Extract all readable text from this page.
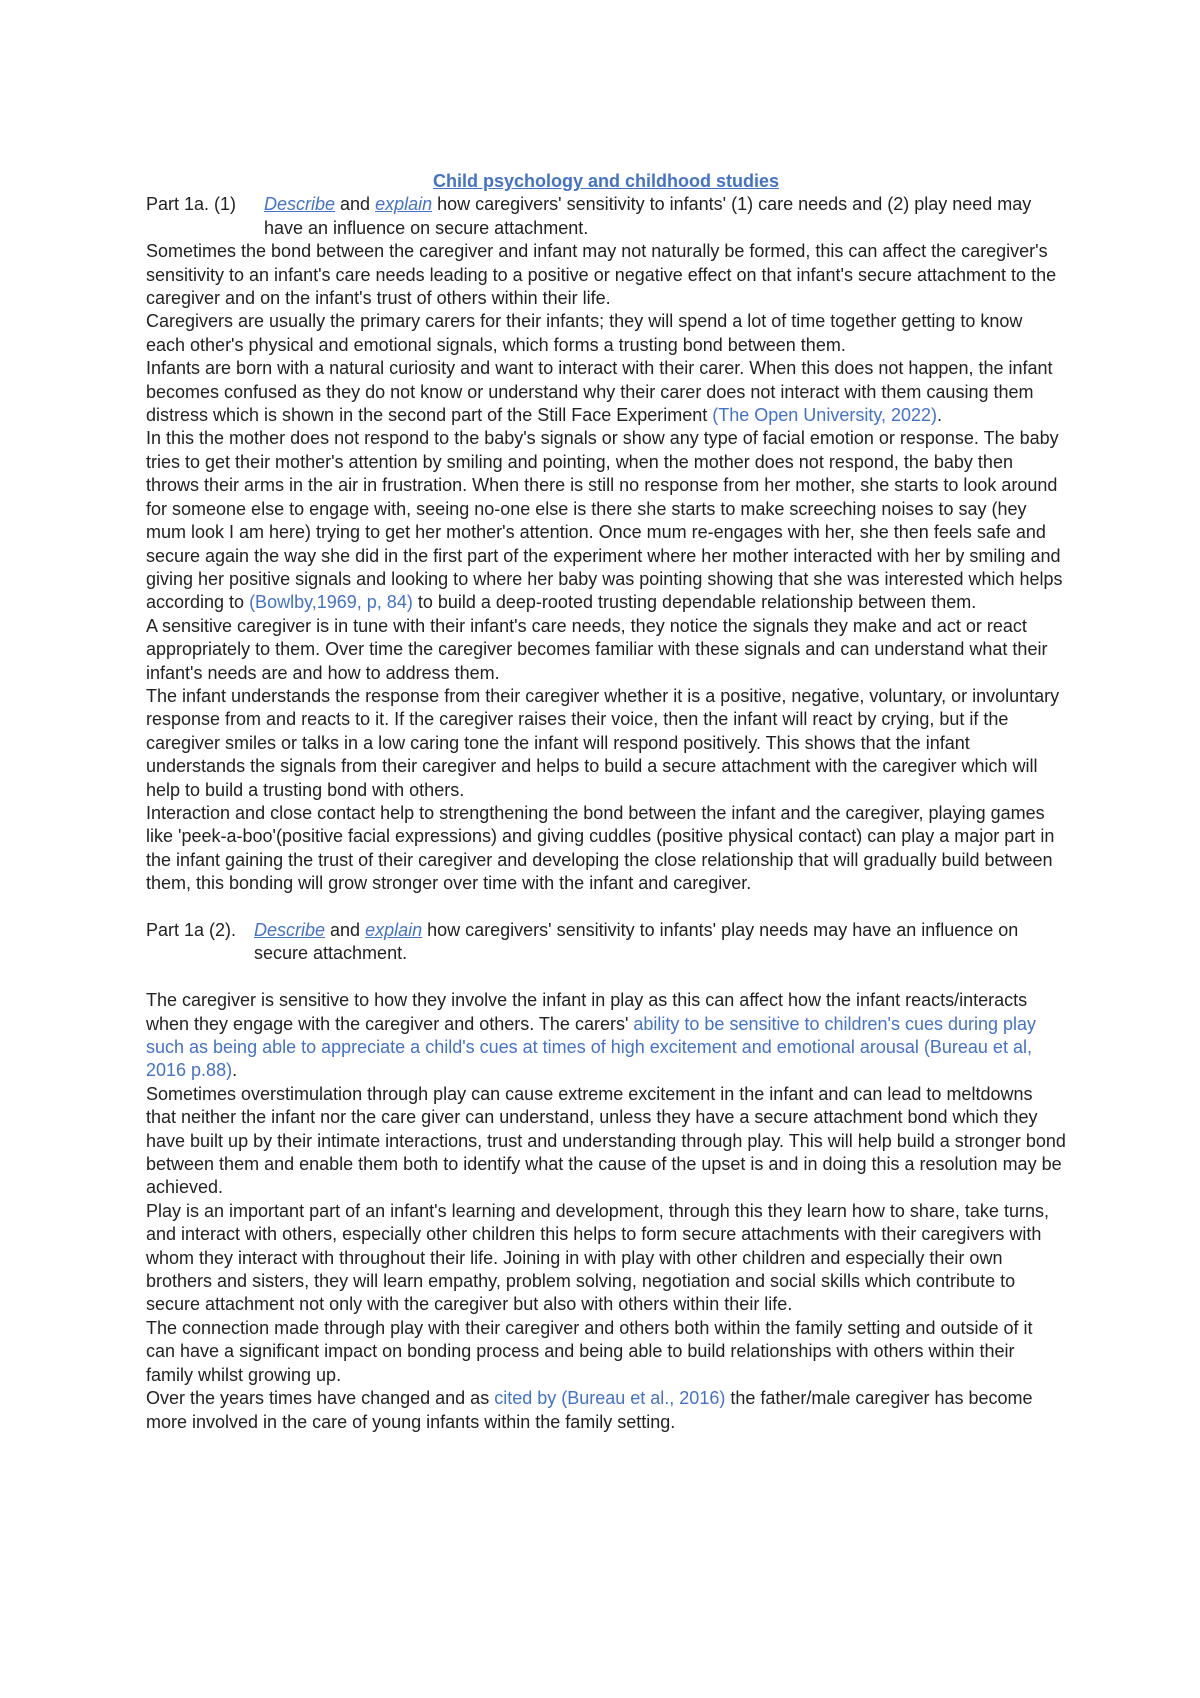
Child psychology and childhood studies
Part 1a. (1)	Describe and explain how caregivers' sensitivity to infants' (1) care needs and (2) play need may have an influence on secure attachment.

Sometimes the bond between the caregiver and infant may not naturally be formed, this can affect the caregiver's sensitivity to an infant's care needs leading to a positive or negative effect on that infant's secure attachment to the caregiver and on the infant's trust of others within their life.

Caregivers are usually the primary carers for their infants; they will spend a lot of time together getting to know each other's physical and emotional signals, which forms a trusting bond between them.

Infants are born with a natural curiosity and want to interact with their carer. When this does not happen, the infant becomes confused as they do not know or understand why their carer does not interact with them causing them distress which is shown in the second part of the Still Face Experiment (The Open University, 2022).

In this the mother does not respond to the baby's signals or show any type of facial emotion or response. The baby tries to get their mother's attention by smiling and pointing, when the mother does not respond, the baby then throws their arms in the air in frustration. When there is still no response from her mother, she starts to look around for someone else to engage with, seeing no-one else is there she starts to make screeching noises to say (hey mum look I am here) trying to get her mother's attention. Once mum re-engages with her, she then feels safe and secure again the way she did in the first part of the experiment where her mother interacted with her by smiling and giving her positive signals and looking to where her baby was pointing showing that she was interested which helps according to (Bowlby,1969, p, 84) to build a deep-rooted trusting dependable relationship between them.

A sensitive caregiver is in tune with their infant's care needs, they notice the signals they make and act or react appropriately to them. Over time the caregiver becomes familiar with these signals and can understand what their infant's needs are and how to address them.

The infant understands the response from their caregiver whether it is a positive, negative, voluntary, or involuntary response from and reacts to it. If the caregiver raises their voice, then the infant will react by crying, but if the caregiver smiles or talks in a low caring tone the infant will respond positively. This shows that the infant understands the signals from their caregiver and helps to build a secure attachment with the caregiver which will help to build a trusting bond with others.

Interaction and close contact help to strengthening the bond between the infant and the caregiver, playing games like 'peek-a-boo'(positive facial expressions) and giving cuddles (positive physical contact) can play a major part in the infant gaining the trust of their caregiver and developing the close relationship that will gradually build between them, this bonding will grow stronger over time with the infant and caregiver.

Part 1a (2). Describe and explain how caregivers' sensitivity to infants' play needs may have an influence on secure attachment.

The caregiver is sensitive to how they involve the infant in play as this can affect how the infant reacts/interacts when they engage with the caregiver and others. The carers' ability to be sensitive to children's cues during play such as being able to appreciate a child's cues at times of high excitement and emotional arousal (Bureau et al, 2016 p.88).

Sometimes overstimulation through play can cause extreme excitement in the infant and can lead to meltdowns that neither the infant nor the care giver can understand, unless they have a secure attachment bond which they have built up by their intimate interactions, trust and understanding through play. This will help build a stronger bond between them and enable them both to identify what the cause of the upset is and in doing this a resolution may be achieved.

Play is an important part of an infant's learning and development, through this they learn how to share, take turns, and interact with others, especially other children this helps to form secure attachments with their caregivers with whom they interact with throughout their life. Joining in with play with other children and especially their own brothers and sisters, they will learn empathy, problem solving, negotiation and social skills which contribute to secure attachment not only with the caregiver but also with others within their life.

The connection made through play with their caregiver and others both within the family setting and outside of it can have a significant impact on bonding process and being able to build relationships with others within their family whilst growing up.

Over the years times have changed and as cited by (Bureau et al., 2016) the father/male caregiver has become more involved in the care of young infants within the family setting.
